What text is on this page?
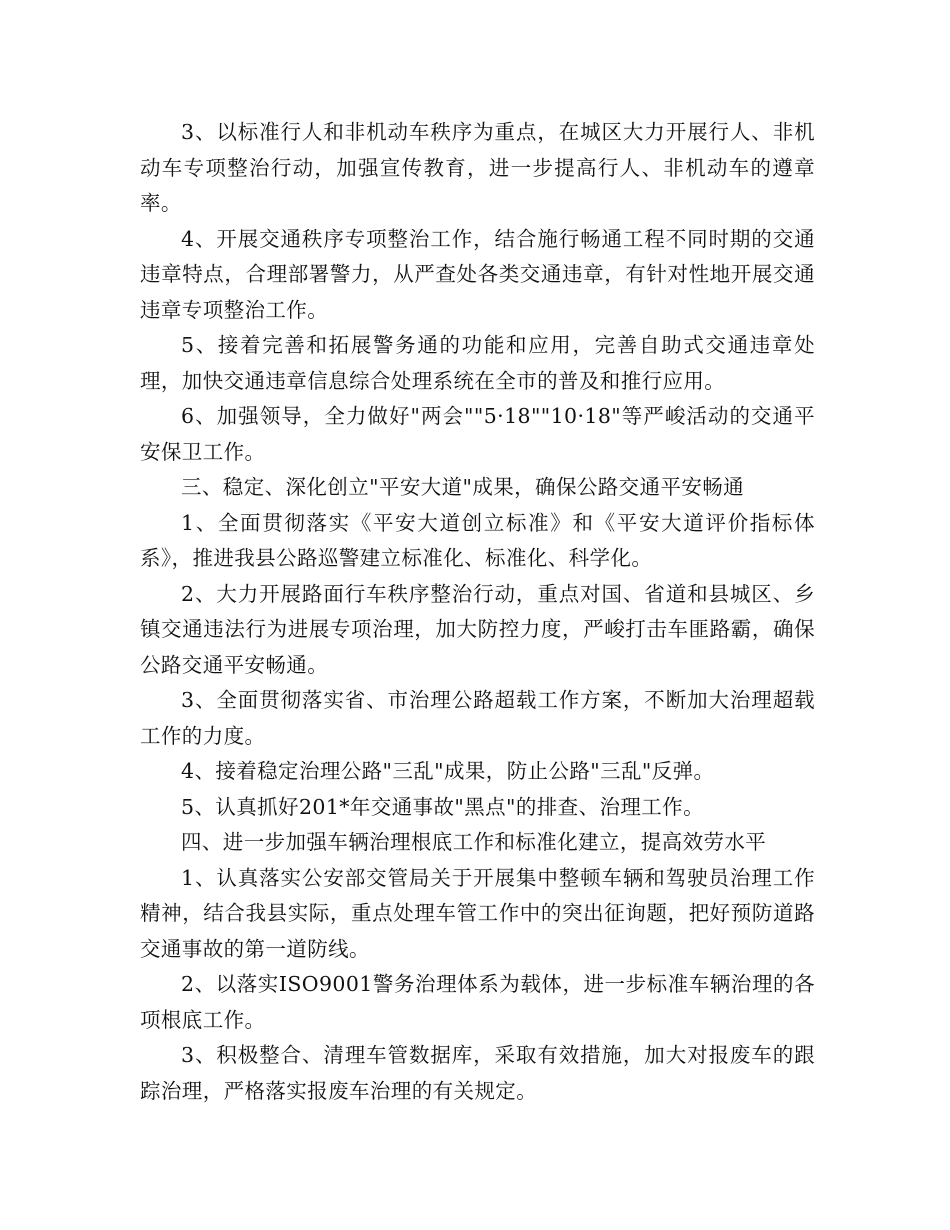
3、以标准行人和非机动车秩序为重点，在城区大力开展行人、非机动车专项整治行动，加强宣传教育，进一步提高行人、非机动车的遵章率。

4、开展交通秩序专项整治工作，结合施行畅通工程不同时期的交通违章特点，合理部署警力，从严查处各类交通违章，有针对性地开展交通违章专项整治工作。

5、接着完善和拓展警务通的功能和应用，完善自助式交通违章处理，加快交通违章信息综合处理系统在全市的普及和推行应用。

6、加强领导，全力做好"两会""5·18""10·18"等严峻活动的交通平安保卫工作。

三、稳定、深化创立"平安大道"成果，确保公路交通平安畅通

1、全面贯彻落实《平安大道创立标准》和《平安大道评价指标体系》，推进我县公路巡警建立标准化、标准化、科学化。

2、大力开展路面行车秩序整治行动，重点对国、省道和县城区、乡镇交通违法行为进展专项治理，加大防控力度，严峻打击车匪路霸，确保公路交通平安畅通。

3、全面贯彻落实省、市治理公路超载工作方案，不断加大治理超载工作的力度。

4、接着稳定治理公路"三乱"成果，防止公路"三乱"反弹。

5、认真抓好201*年交通事故"黑点"的排查、治理工作。

四、进一步加强车辆治理根底工作和标准化建立，提高效劳水平

1、认真落实公安部交管局关于开展集中整顿车辆和驾驶员治理工作精神，结合我县实际，重点处理车管工作中的突出征询题，把好预防道路交通事故的第一道防线。

2、以落实ISO9001警务治理体系为载体，进一步标准车辆治理的各项根底工作。

3、积极整合、清理车管数据库，采取有效措施，加大对报废车的跟踪治理，严格落实报废车治理的有关规定。
